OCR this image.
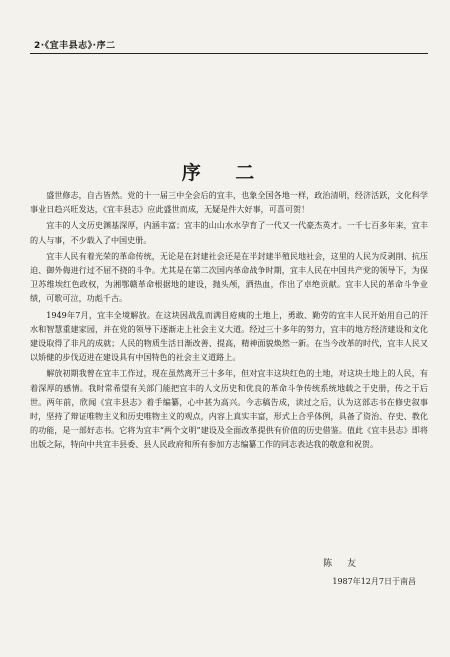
2·《宜丰县志》·序二
序 二

盛世修志，自古皆然。党的十一届三中全会后的宜丰，也象全国各地一样，政治清明，经济活跃，文化科学事业日趋兴旺发达，《宜丰县志》应此盛世而成，无疑是件大好事，可喜可贺！

宜丰的人文历史渊基深厚，内涵丰富；宜丰的山山水水孕育了一代又一代豪杰英才。一千七百多年来，宜丰的人与事，不少载入了中国史册。

宜丰人民有着光荣的革命传统，无论是在封建社会还是在半封建半殖民地社会，这里的人民为反剥削、抗压迫、御外侮进行过不屈不挠的斗争。尤其是在第二次国内革命战争时期，宜丰人民在中国共产党的领导下，为保卫苏维埃红色政权，为湘鄂赣革命根据地的建设，抛头颅，洒热血，作出了卓绝贡献。宜丰人民的革命斗争业绩，可歌可泣，功彪千古。

1949年7月，宜丰全境解放。在这块因战乱而满目疮痍的土地上，勇敢、勤劳的宜丰人民开始用自己的汗水和智慧重建家园，并在党的领导下逐渐走上社会主义大道。经过三十多年的努力，宜丰的地方经济建设和文化建设取得了非凡的成就；人民的物质生活日渐改善、提高，精神面貌焕然一新。在当今改革的时代，宜丰人民又以矫健的步伐迈进在建设具有中国特色的社会主义道路上。

解放初期我曾在宜丰工作过，现在虽然离开三十多年，但对宜丰这块红色的土地，对这块土地上的人民，有着深厚的感情。我时常希望有关部门能把宜丰的人文历史和优良的革命斗争传统系统地载之于史册，传之于后世。两年前，欣闻《宜丰县志》着手编纂，心中甚为高兴。今志稿告成，读过之后，认为这部志书在修史叙事时，坚持了辩证唯物主义和历史唯物主义的观点，内容上真实丰富，形式上合乎体例，具备了资治、存史、教化的功能，是一部好志书。它将为宜丰“两个文明”建设及全面改革提供有价值的历史借鉴。值此《宜丰县志》即将出版之际，特向中共宜丰县委、县人民政府和所有参加方志编纂工作的同志表达我的敬意和祝贺。

陈 友
1987年12月7日于南昌
